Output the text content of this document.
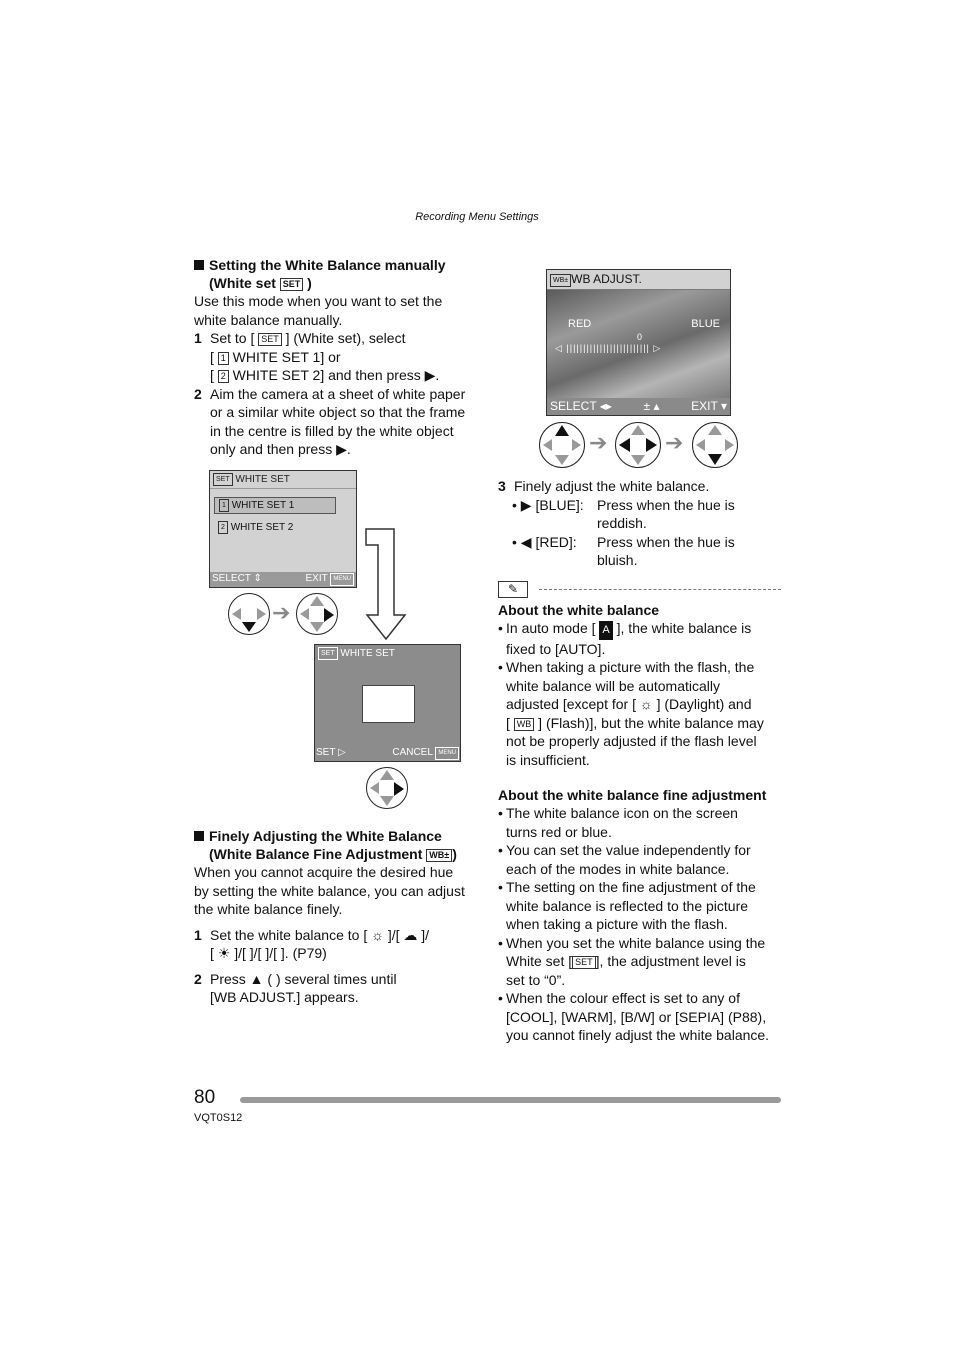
Recording Menu Settings
Setting the White Balance manually
(White set SET )
Use this mode when you want to set the
white balance manually.
1 Set to [ SET ] (White set), select
[ 1 WHITE SET 1] or
[ 2 WHITE SET 2] and then press ▶.
2 Aim the camera at a sheet of white paper
or a similar white object so that the frame
in the centre is filled by the white object
only and then press ▶.
SET WHITE SET
1 WHITE SET 1
2 WHITE SET 2
SELECT ⇕	EXIT MENU
➔
SET WHITE SET
SET ▷	CANCEL MENU
Finely Adjusting the White Balance
(White Balance Fine Adjustment WB± )
When you cannot acquire the desired hue
by setting the white balance, you can adjust
the white balance finely.
1 Set the white balance to [ ☼ ]/[ ☁ ]/
[ ☀ ]/[ ]/[ ]/[ ]. (P79)
2 Press ▲ ( ) several times until
[WB ADJUST.] appears.
WB± WB ADJUST.
RED	BLUE
0
◁ ||||||||||||||||||||||||| ▷
SELECT ◂▸	± ▴	EXIT ▾
➔	➔
3 Finely adjust the white balance.
• ▶ [BLUE]: Press when the hue is
reddish.
• ◀ [RED]:	Press when the hue is
bluish.
✎
About the white balance
• In auto mode [ A ], the white balance is
fixed to [AUTO].
• When taking a picture with the flash, the
white balance will be automatically
adjusted [except for [ ☼ ] (Daylight) and
[ WB ] (Flash)], but the white balance may
not be properly adjusted if the flash level
is insufficient.
About the white balance fine adjustment
• The white balance icon on the screen
turns red or blue.
• You can set the value independently for
each of the modes in white balance.
• The setting on the fine adjustment of the
white balance is reflected to the picture
when taking a picture with the flash.
• When you set the white balance using the
White set [ SET ], the adjustment level is
set to “0”.
• When the colour effect is set to any of
[COOL], [WARM], [B/W] or [SEPIA] (P88),
you cannot finely adjust the white balance.
80
VQT0S12
